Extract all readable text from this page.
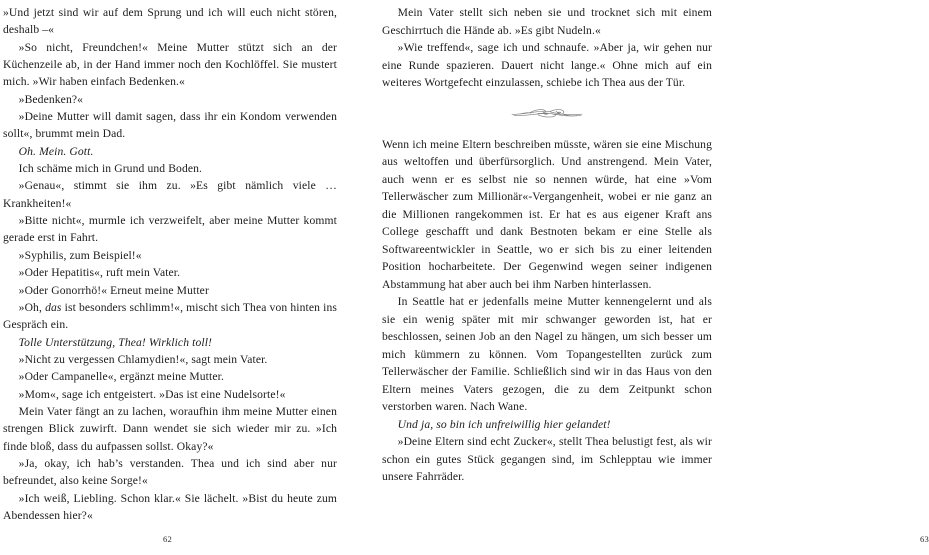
»Und jetzt sind wir auf dem Sprung und ich will euch nicht stören, deshalb –«

»So nicht, Freundchen!« Meine Mutter stützt sich an der Küchenzeile ab, in der Hand immer noch den Kochlöffel. Sie mustert mich. »Wir haben einfach Bedenken.«

»Bedenken?«

»Deine Mutter will damit sagen, dass ihr ein Kondom verwenden sollt«, brummt mein Dad.

Oh. Mein. Gott.

Ich schäme mich in Grund und Boden.

»Genau«, stimmt sie ihm zu. »Es gibt nämlich viele … Krankheiten!«

»Bitte nicht«, murmle ich verzweifelt, aber meine Mutter kommt gerade erst in Fahrt.

»Syphilis, zum Beispiel!«

»Oder Hepatitis«, ruft mein Vater.

»Oder Gonorrhö!« Erneut meine Mutter

»Oh, das ist besonders schlimm!«, mischt sich Thea von hinten ins Gespräch ein.

Tolle Unterstützung, Thea! Wirklich toll!

»Nicht zu vergessen Chlamydien!«, sagt mein Vater.

»Oder Campanelle«, ergänzt meine Mutter.

»Mom«, sage ich entgeistert. »Das ist eine Nudelsorte!«

Mein Vater fängt an zu lachen, woraufhin ihm meine Mutter einen strengen Blick zuwirft. Dann wendet sie sich wieder mir zu. »Ich finde bloß, dass du aufpassen sollst. Okay?«

»Ja, okay, ich hab’s verstanden. Thea und ich sind aber nur befreundet, also keine Sorge!«

»Ich weiß, Liebling. Schon klar.« Sie lächelt. »Bist du heute zum Abendessen hier?«

62

Mein Vater stellt sich neben sie und trocknet sich mit einem Geschirrtuch die Hände ab. »Es gibt Nudeln.«

»Wie treffend«, sage ich und schnaufe. »Aber ja, wir gehen nur eine Runde spazieren. Dauert nicht lange.« Ohne mich auf ein weiteres Wortgefecht einzulassen, schiebe ich Thea aus der Tür.

Wenn ich meine Eltern beschreiben müsste, wären sie eine Mischung aus weltoffen und überfürsorglich. Und anstrengend. Mein Vater, auch wenn er es selbst nie so nennen würde, hat eine »Vom Tellerwäscher zum Millionär«-Vergangenheit, wobei er nie ganz an die Millionen rangekommen ist. Er hat es aus eigener Kraft ans College geschafft und dank Bestnoten bekam er eine Stelle als Softwareentwickler in Seattle, wo er sich bis zu einer leitenden Position hocharbeitete. Der Gegenwind wegen seiner indigenen Abstammung hat aber auch bei ihm Narben hinterlassen.

In Seattle hat er jedenfalls meine Mutter kennengelernt und als sie ein wenig später mit mir schwanger geworden ist, hat er beschlossen, seinen Job an den Nagel zu hängen, um sich besser um mich kümmern zu können. Vom Topangestellten zurück zum Tellerwäscher der Familie. Schließlich sind wir in das Haus von den Eltern meines Vaters gezogen, die zu dem Zeitpunkt schon verstorben waren. Nach Wane.

Und ja, so bin ich unfreiwillig hier gelandet!

»Deine Eltern sind echt Zucker«, stellt Thea belustigt fest, als wir schon ein gutes Stück gegangen sind, im Schlepptau wie immer unsere Fahrräder.

63
